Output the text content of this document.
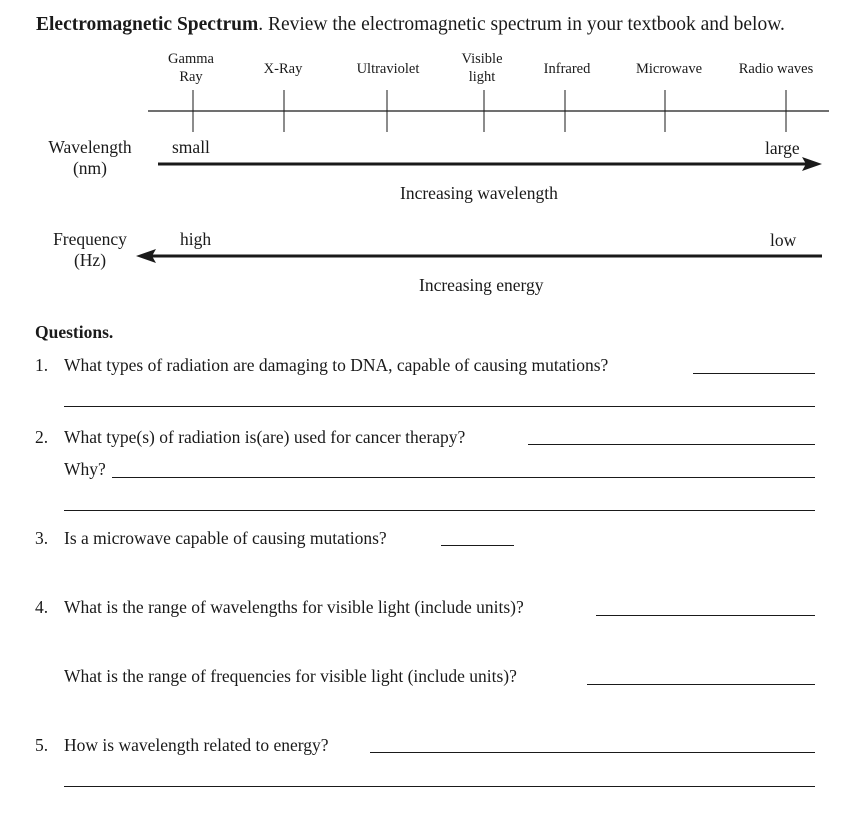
Electromagnetic Spectrum. Review the electromagnetic spectrum in your textbook and below.
Gamma
Ray	X-Ray	Ultraviolet
Visible
light	Infrared	Microwave	Radio waves
Wavelength
(nm)
small	large
Increasing wavelength
Frequency
(Hz)
high	low
Increasing energy
Questions.
1. What types of radiation are damaging to DNA, capable of causing mutations?
2. What type(s) of radiation is(are) used for cancer therapy?
Why?
3. Is a microwave capable of causing mutations?
4. What is the range of wavelengths for visible light (include units)?
What is the range of frequencies for visible light (include units)?
5. How is wavelength related to energy?
